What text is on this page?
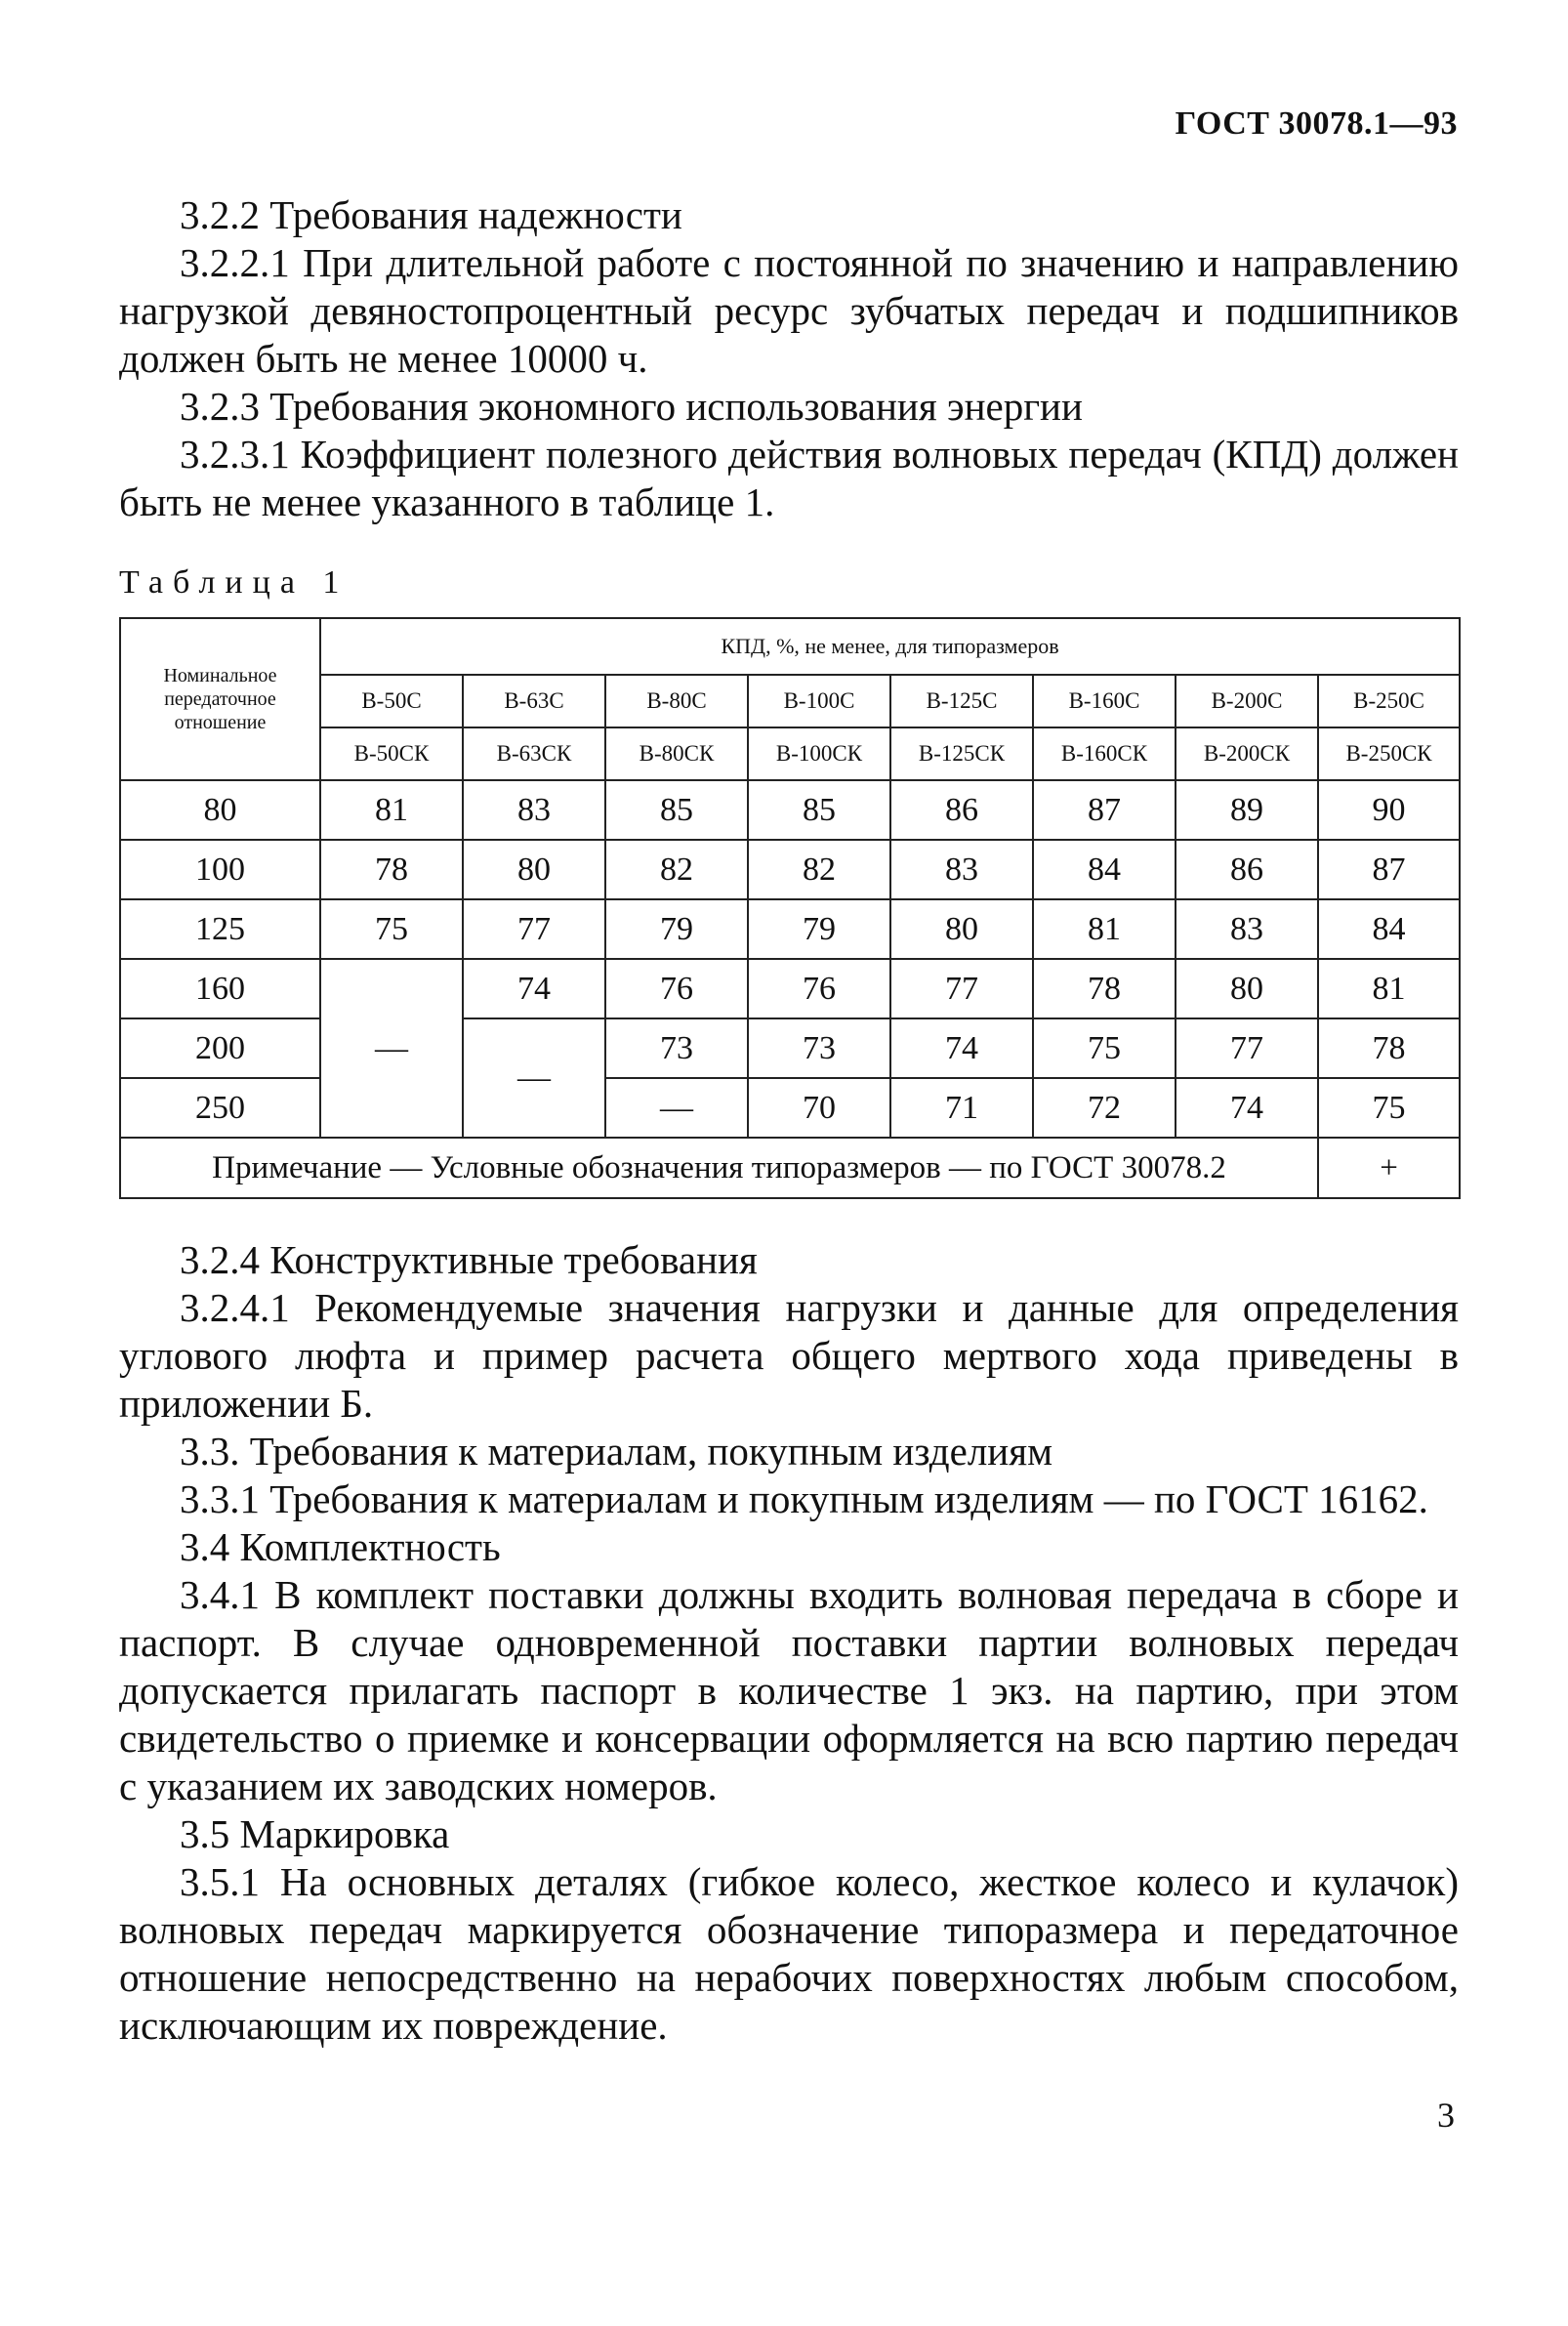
ГОСТ 30078.1—93

3.2.2 Требования надежности

3.2.2.1 При длительной работе с постоянной по значению и направлению нагрузкой девяностопроцентный ресурс зубчатых передач и подшипников должен быть не менее 10000 ч.

3.2.3 Требования экономного использования энергии

3.2.3.1 Коэффициент полезного действия волновых передач (КПД) должен быть не менее указанного в таблице 1.

Таблица 1
Номинальное передаточное отношение	КПД, %, не менее, для типоразмеров							
	В-50С	В-63С	В-80С	В-100С	В-125С	В-160С	В-200С	В-250С
	В-50СК	В-63СК	В-80СК	В-100СК	В-125СК	В-160СК	В-200СК	В-250СК
80	81	83	85	85	86	87	89	90
100	78	80	82	82	83	84	86	87
125	75	77	79	79	80	81	83	84
160	—	74	76	76	77	78	80	81
200		—	73	73	74	75	77	78
250			—	70	71	72	74	75
Примечание — Условные обозначения типоразмеров — по ГОСТ 30078.2								+

3.2.4 Конструктивные требования

3.2.4.1 Рекомендуемые значения нагрузки и данные для определения углового люфта и пример расчета общего мертвого хода приведены в приложении Б.

3.3. Требования к материалам, покупным изделиям

3.3.1 Требования к материалам и покупным изделиям — по ГОСТ 16162.

3.4 Комплектность

3.4.1 В комплект поставки должны входить волновая передача в сборе и паспорт. В случае одновременной поставки партии волновых передач допускается прилагать паспорт в количестве 1 экз. на партию, при этом свидетельство о приемке и консервации оформляется на всю партию передач с указанием их заводских номеров.

3.5 Маркировка

3.5.1 На основных деталях (гибкое колесо, жесткое колесо и кулачок) волновых передач маркируется обозначение типоразмера и передаточное отношение непосредственно на нерабочих поверхностях любым способом, исключающим их повреждение.

3
